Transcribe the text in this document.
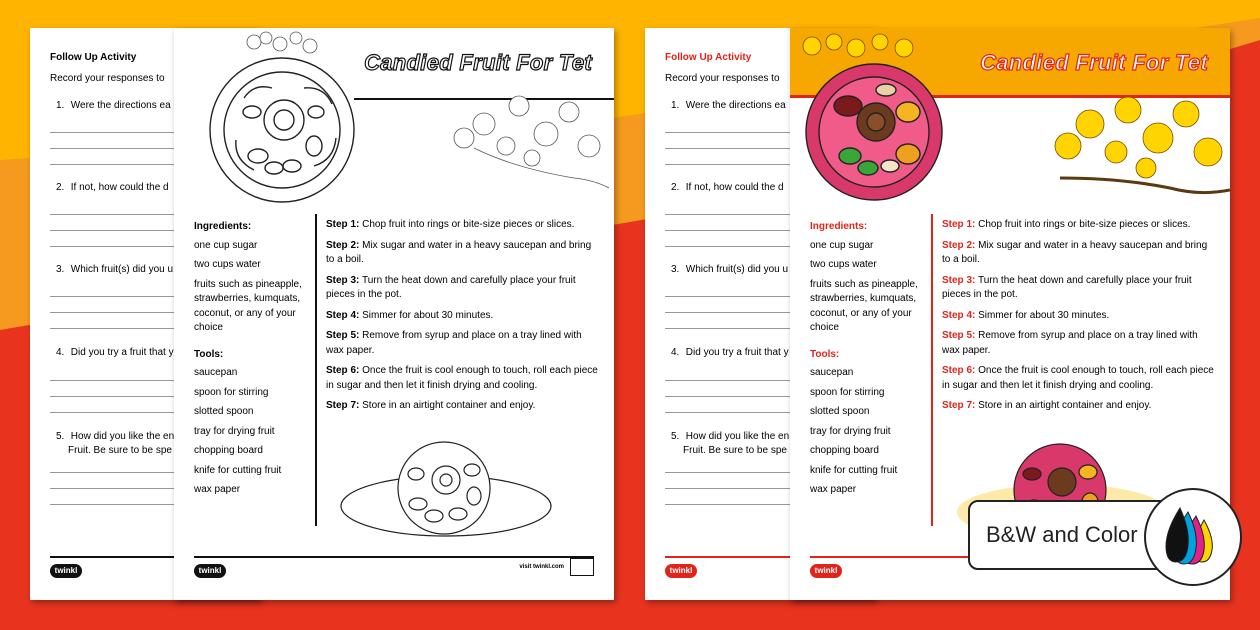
Follow Up Activity
Record your responses to
1. Were the directions ea
2. If not, how could the d
3. Which fruit(s) did you u
4. Did you try a fruit that y
5. How did you like the en
Fruit. Be sure to be spe
twinkl
Candied Fruit For Tet
Ingredients:
one cup sugar
two cups water
fruits such as pineapple, strawberries, kumquats, coconut, or any of your choice
Tools:
saucepan
spoon for stirring
slotted spoon
tray for drying fruit
chopping board
knife for cutting fruit
wax paper
Step 1: Chop fruit into rings or bite-size pieces or slices.
Step 2: Mix sugar and water in a heavy saucepan and bring to a boil.
Step 3: Turn the heat down and carefully place your fruit pieces in the pot.
Step 4: Simmer for about 30 minutes.
Step 5: Remove from syrup and place on a tray lined with wax paper.
Step 6: Once the fruit is cool enough to touch, roll each piece in sugar and then let it finish drying and cooling.
Step 7: Store in an airtight container and enjoy.
twinkl	visit twinkl.com
Follow Up Activity
Record your responses to
1. Were the directions ea
2. If not, how could the d
3. Which fruit(s) did you u
4. Did you try a fruit that y
5. How did you like the en
Fruit. Be sure to be spe
twinkl
Candied Fruit For Tet
Ingredients:
one cup sugar
two cups water
fruits such as pineapple, strawberries, kumquats, coconut, or any of your choice
Tools:
saucepan
spoon for stirring
slotted spoon
tray for drying fruit
chopping board
knife for cutting fruit
wax paper
Step 1: Chop fruit into rings or bite-size pieces or slices.
Step 2: Mix sugar and water in a heavy saucepan and bring to a boil.
Step 3: Turn the heat down and carefully place your fruit pieces in the pot.
Step 4: Simmer for about 30 minutes.
Step 5: Remove from syrup and place on a tray lined with wax paper.
Step 6: Once the fruit is cool enough to touch, roll each piece in sugar and then let it finish drying and cooling.
Step 7: Store in an airtight container and enjoy.
twinkl
B&W and Color
